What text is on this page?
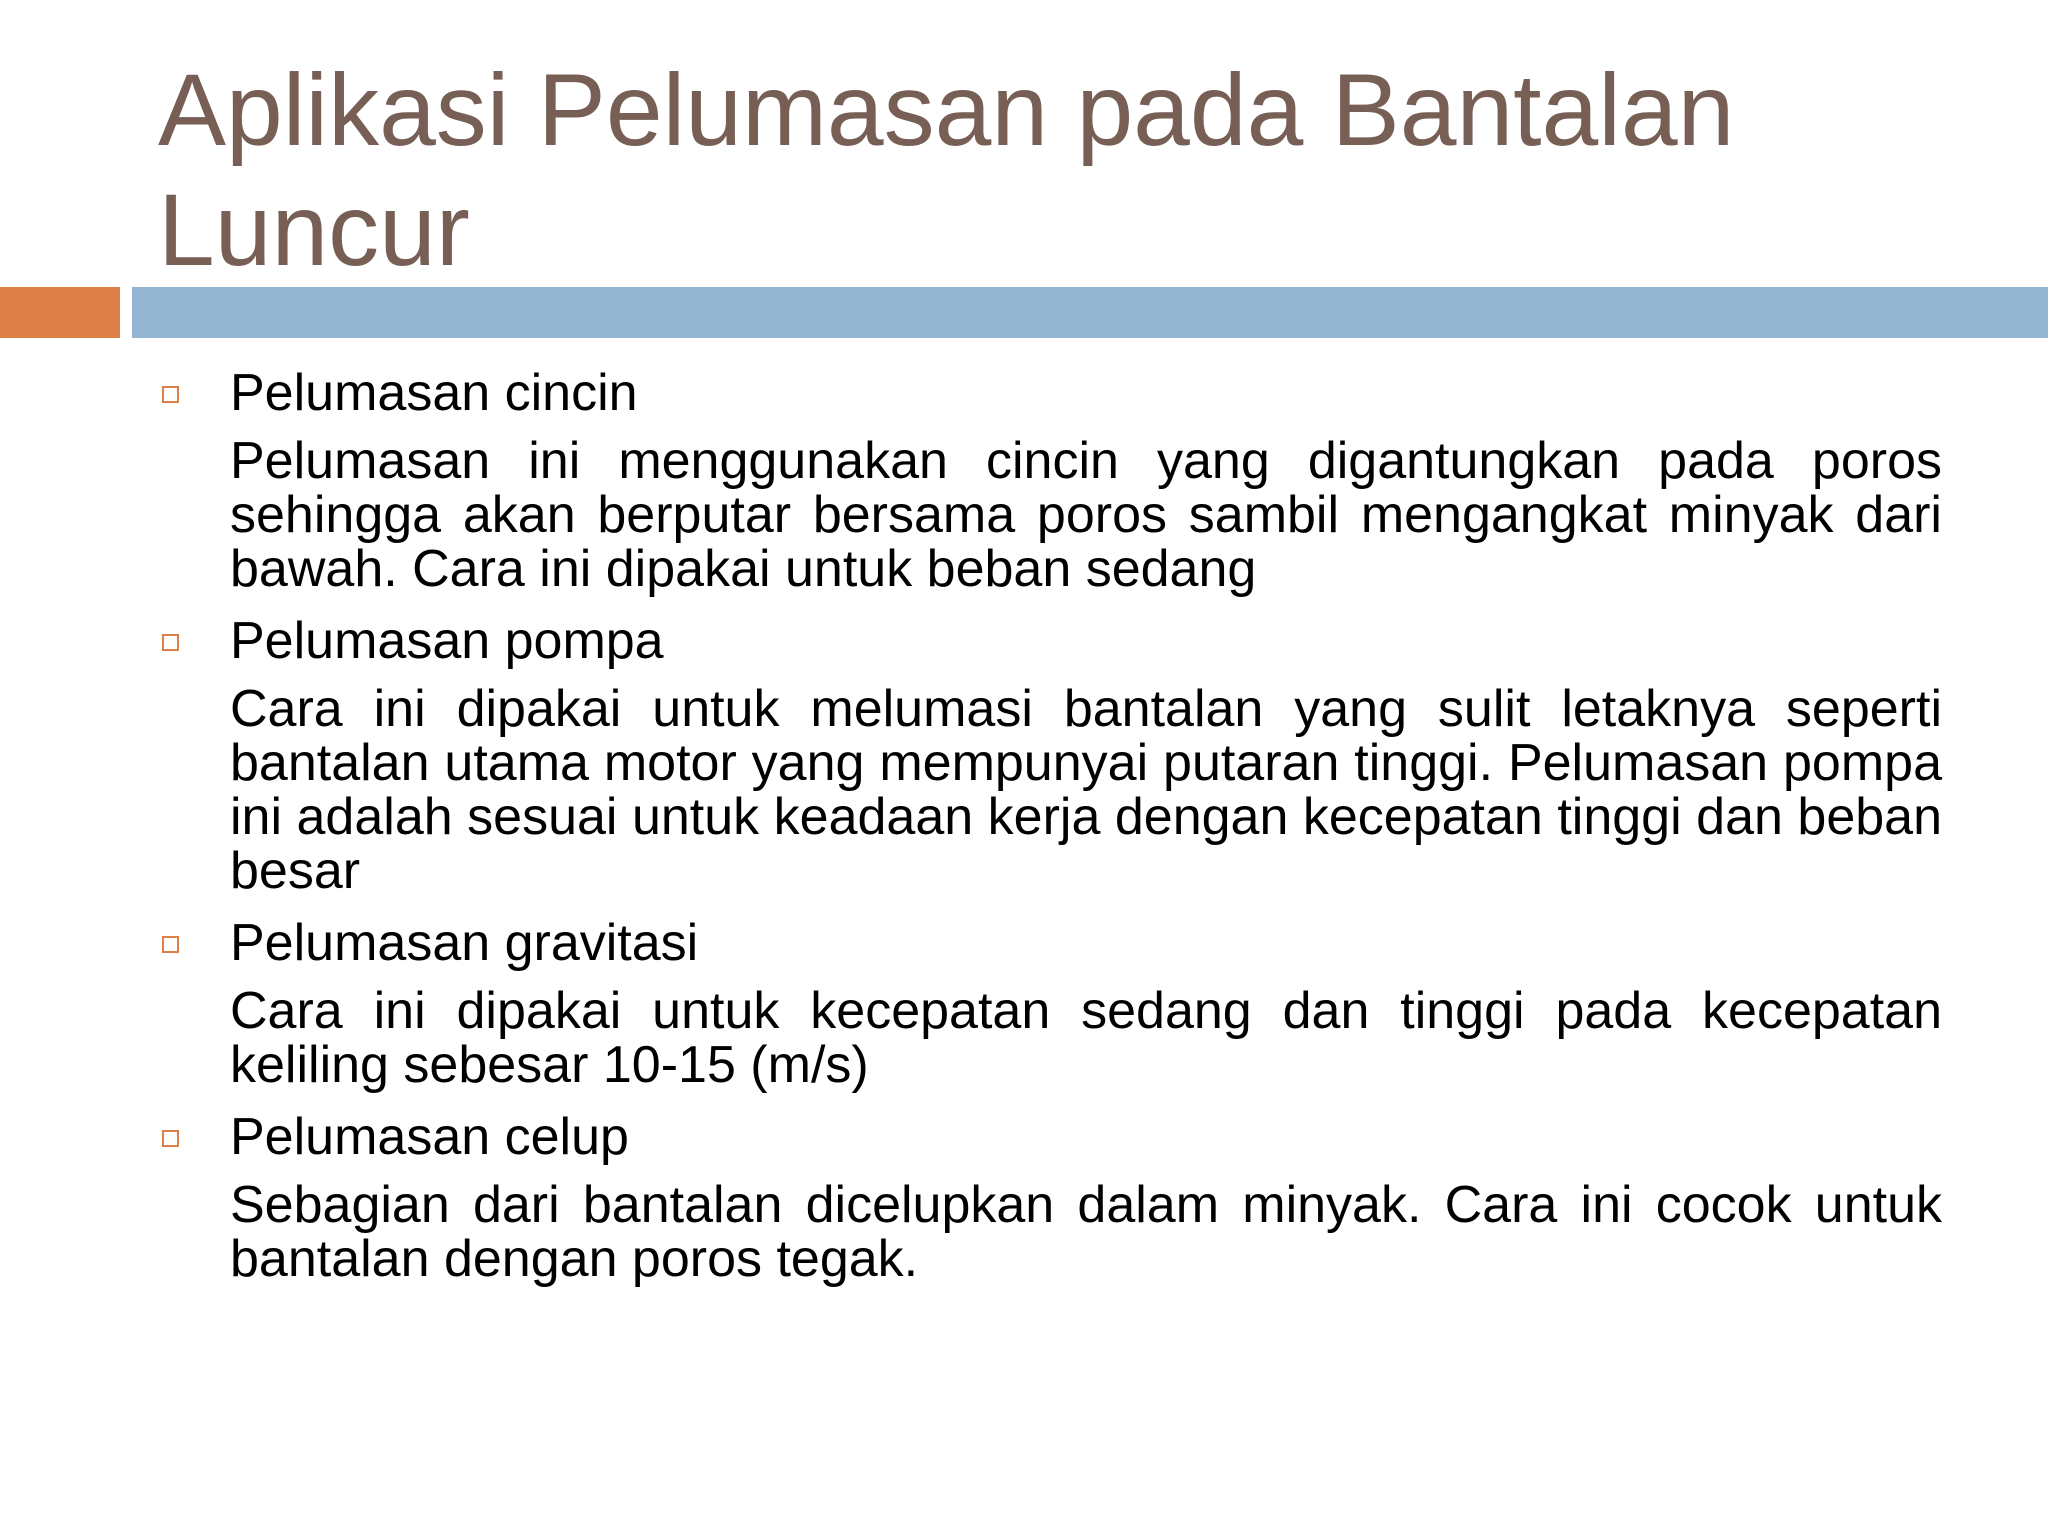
Aplikasi Pelumasan pada Bantalan Luncur
Pelumasan cincin

Pelumasan ini menggunakan cincin yang digantungkan pada poros sehingga akan berputar bersama poros sambil mengangkat minyak dari bawah. Cara ini dipakai untuk beban sedang

Pelumasan pompa

Cara ini dipakai untuk melumasi bantalan yang sulit letaknya seperti bantalan utama motor yang mempunyai putaran tinggi. Pelumasan pompa ini adalah sesuai untuk keadaan kerja dengan kecepatan tinggi dan beban besar

Pelumasan gravitasi

Cara ini dipakai untuk kecepatan sedang dan tinggi pada kecepatan keliling sebesar 10-15 (m/s)

Pelumasan celup

Sebagian dari bantalan dicelupkan dalam minyak. Cara ini cocok untuk bantalan dengan poros tegak.
